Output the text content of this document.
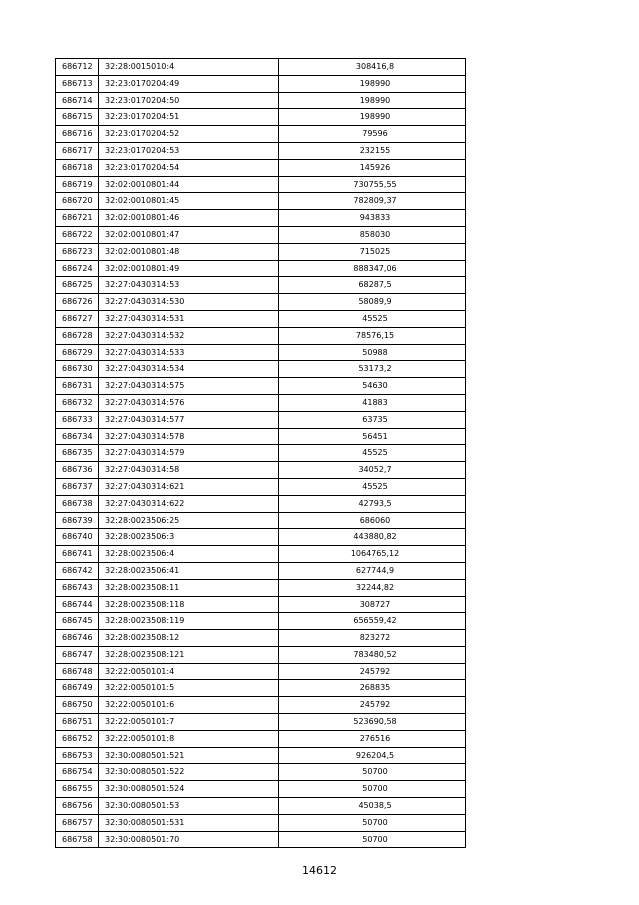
686712	32:28:0015010:4	308416,8
686713	32:23:0170204:49	198990
686714	32:23:0170204:50	198990
686715	32:23:0170204:51	198990
686716	32:23:0170204:52	79596
686717	32:23:0170204:53	232155
686718	32:23:0170204:54	145926
686719	32:02:0010801:44	730755,55
686720	32:02:0010801:45	782809,37
686721	32:02:0010801:46	943833
686722	32:02:0010801:47	858030
686723	32:02:0010801:48	715025
686724	32:02:0010801:49	888347,06
686725	32:27:0430314:53	68287,5
686726	32:27:0430314:530	58089,9
686727	32:27:0430314:531	45525
686728	32:27:0430314:532	78576,15
686729	32:27:0430314:533	50988
686730	32:27:0430314:534	53173,2
686731	32:27:0430314:575	54630
686732	32:27:0430314:576	41883
686733	32:27:0430314:577	63735
686734	32:27:0430314:578	56451
686735	32:27:0430314:579	45525
686736	32:27:0430314:58	34052,7
686737	32:27:0430314:621	45525
686738	32:27:0430314:622	42793,5
686739	32:28:0023506:25	686060
686740	32:28:0023506:3	443880,82
686741	32:28:0023506:4	1064765,12
686742	32:28:0023506:41	627744,9
686743	32:28:0023508:11	32244,82
686744	32:28:0023508:118	308727
686745	32:28:0023508:119	656559,42
686746	32:28:0023508:12	823272
686747	32:28:0023508:121	783480,52
686748	32:22:0050101:4	245792
686749	32:22:0050101:5	268835
686750	32:22:0050101:6	245792
686751	32:22:0050101:7	523690,58
686752	32:22:0050101:8	276516
686753	32:30:0080501:521	926204,5
686754	32:30:0080501:522	50700
686755	32:30:0080501:524	50700
686756	32:30:0080501:53	45038,5
686757	32:30:0080501:531	50700
686758	32:30:0080501:70	50700
14612
